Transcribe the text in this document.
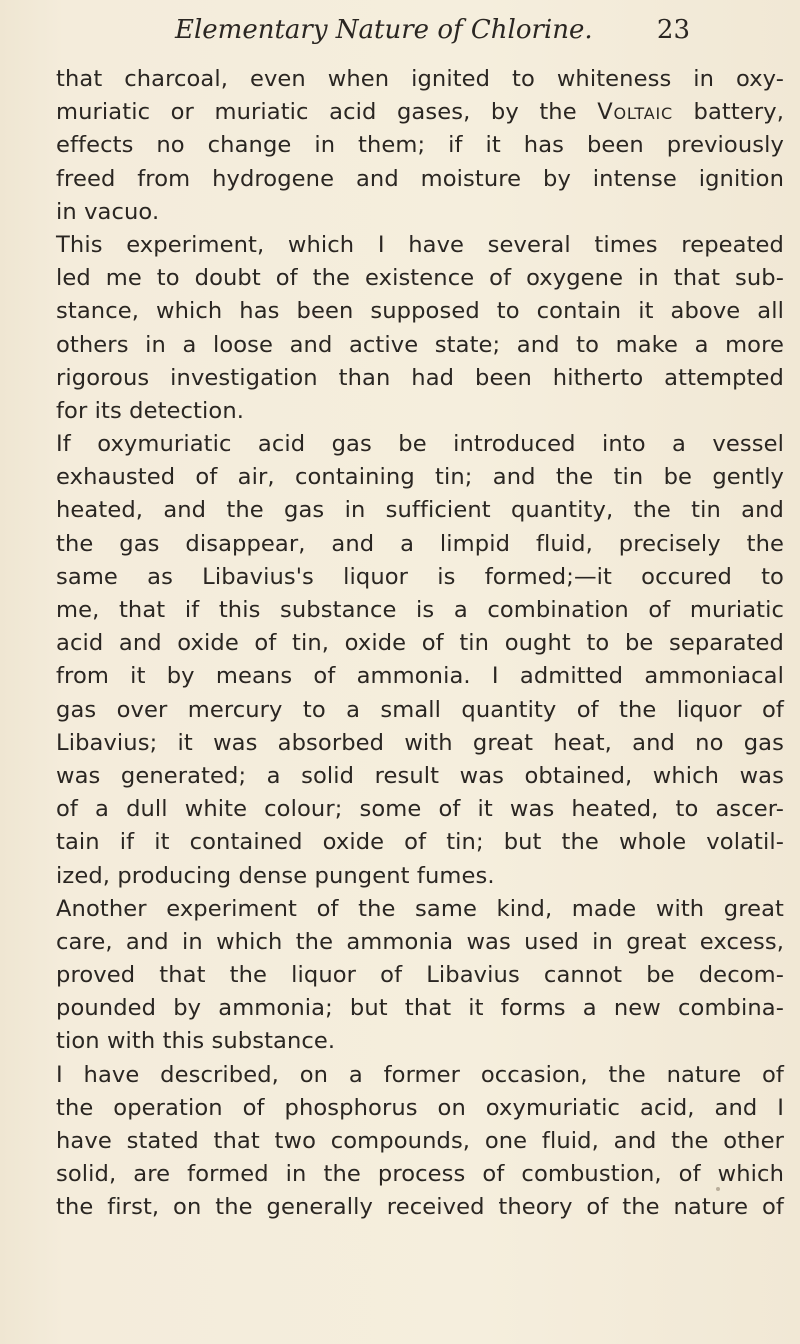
Elementary Nature of Chlorine. 23
that charcoal, even when ignited to whiteness in oxy-
muriatic or muriatic acid gases, by the Voltaic battery,
effects no change in them; if it has been previously
freed from hydrogene and moisture by intense ignition
in vacuo.
This experiment, which I have several times repeated
led me to doubt of the existence of oxygene in that sub-
stance, which has been supposed to contain it above all
others in a loose and active state; and to make a more
rigorous investigation than had been hitherto attempted
for its detection.
If oxymuriatic acid gas be introduced into a vessel
exhausted of air, containing tin; and the tin be gently
heated, and the gas in sufficient quantity, the tin and
the gas disappear, and a limpid fluid, precisely the
same as Libavius's liquor is formed;—it occured to
me, that if this substance is a combination of muriatic
acid and oxide of tin, oxide of tin ought to be separated
from it by means of ammonia. I admitted ammoniacal
gas over mercury to a small quantity of the liquor of
Libavius; it was absorbed with great heat, and no gas
was generated; a solid result was obtained, which was
of a dull white colour; some of it was heated, to ascer-
tain if it contained oxide of tin; but the whole volatil-
ized, producing dense pungent fumes.
Another experiment of the same kind, made with great
care, and in which the ammonia was used in great excess,
proved that the liquor of Libavius cannot be decom-
pounded by ammonia; but that it forms a new combina-
tion with this substance.
I have described, on a former occasion, the nature of
the operation of phosphorus on oxymuriatic acid, and I
have stated that two compounds, one fluid, and the other
solid, are formed in the process of combustion, of which
the first, on the generally received theory of the nature of
